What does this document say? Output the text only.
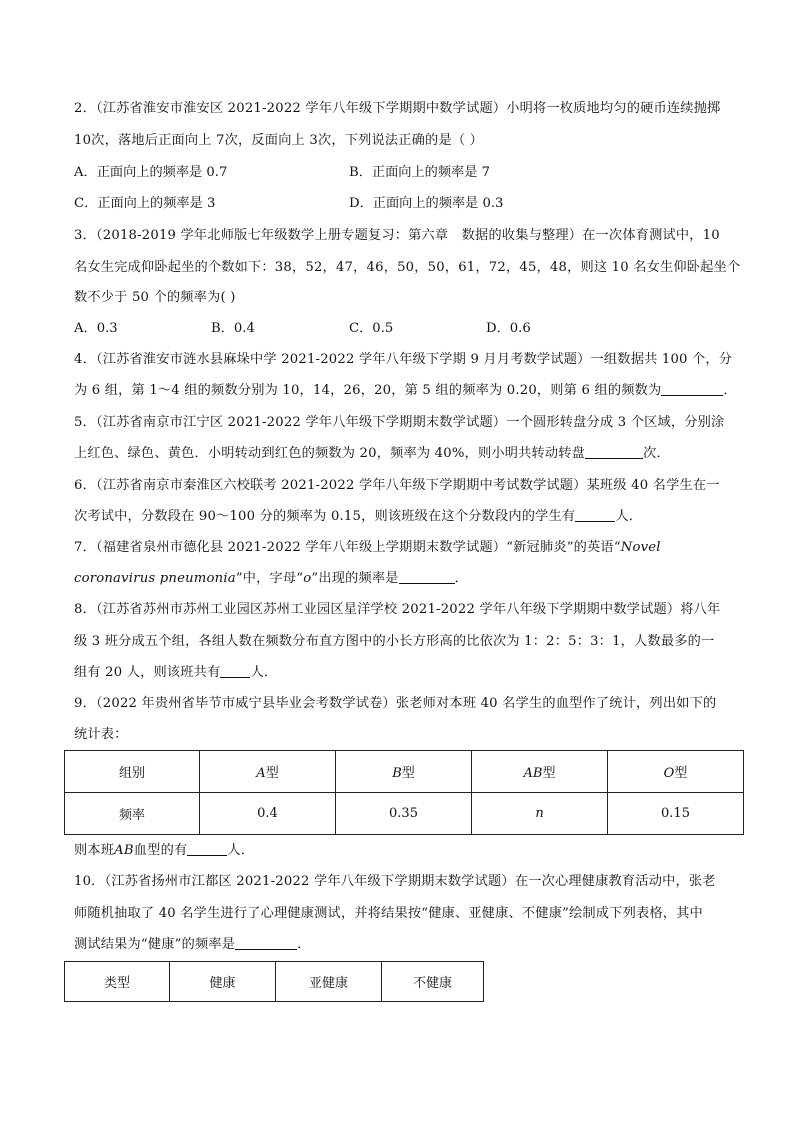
2．（江苏省淮安市淮安区 2021-2022 学年八年级下学期期中数学试题）小明将一枚质地均匀的硬币连续抛掷
10次，落地后正面向上 7次，反面向上 3次，下列说法正确的是（ ）
A．正面向上的频率是 0.7	B．正面向上的频率是 7
C．正面向上的频率是 3	D．正面向上的频率是 0.3
3．（2018-2019 学年北师版七年级数学上册专题复习：第六章　数据的收集与整理）在一次体育测试中，10
名女生完成仰卧起坐的个数如下：38，52，47，46，50，50，61，72，45，48，则这 10 名女生仰卧起坐个
数不少于 50 个的频率为( )
A．0.3	B．0.4	C．0.5	D．0.6
4．（江苏省淮安市涟水县麻垛中学 2021-2022 学年八年级下学期 9 月月考数学试题）一组数据共 100 个，分
为 6 组，第 1～4 组的频数分别为 10，14，26，20，第 5 组的频率为 0.20，则第 6 组的频数为	．
5．（江苏省南京市江宁区 2021-2022 学年八年级下学期期末数学试题）一个圆形转盘分成 3 个区域，分别涂
上红色、绿色、黄色．小明转动到红色的频数为 20，频率为 40%，则小明共转动转盘	次．
6．（江苏省南京市秦淮区六校联考 2021-2022 学年八年级下学期期中考试数学试题）某班级 40 名学生在一
次考试中，分数段在 90～100 分的频率为 0.15，则该班级在这个分数段内的学生有	人．
7．（福建省泉州市德化县 2021-2022 学年八年级上学期期末数学试题）“新冠肺炎”的英语“Novel
coronavirus pneumonia”中，字母“o”出现的频率是	．
8．（江苏省苏州市苏州工业园区苏州工业园区星洋学校 2021-2022 学年八年级下学期期中数学试题）将八年
级 3 班分成五个组，各组人数在频数分布直方图中的小长方形高的比依次为 1：2：5：3：1，人数最多的一
组有 20 人，则该班共有 人．
9．（2022 年贵州省毕节市威宁县毕业会考数学试卷）张老师对本班 40 名学生的血型作了统计，列出如下的
统计表：
组别	A型	B型	AB型	O型
频率	0.4	0.35	n	0.15
则本班AB血型的有	人．
10．（江苏省扬州市江都区 2021-2022 学年八年级下学期期末数学试题）在一次心理健康教育活动中，张老
师随机抽取了 40 名学生进行了心理健康测试，并将结果按“健康、亚健康、不健康”绘制成下列表格，其中
测试结果为“健康”的频率是	．
类型	健康	亚健康	不健康
